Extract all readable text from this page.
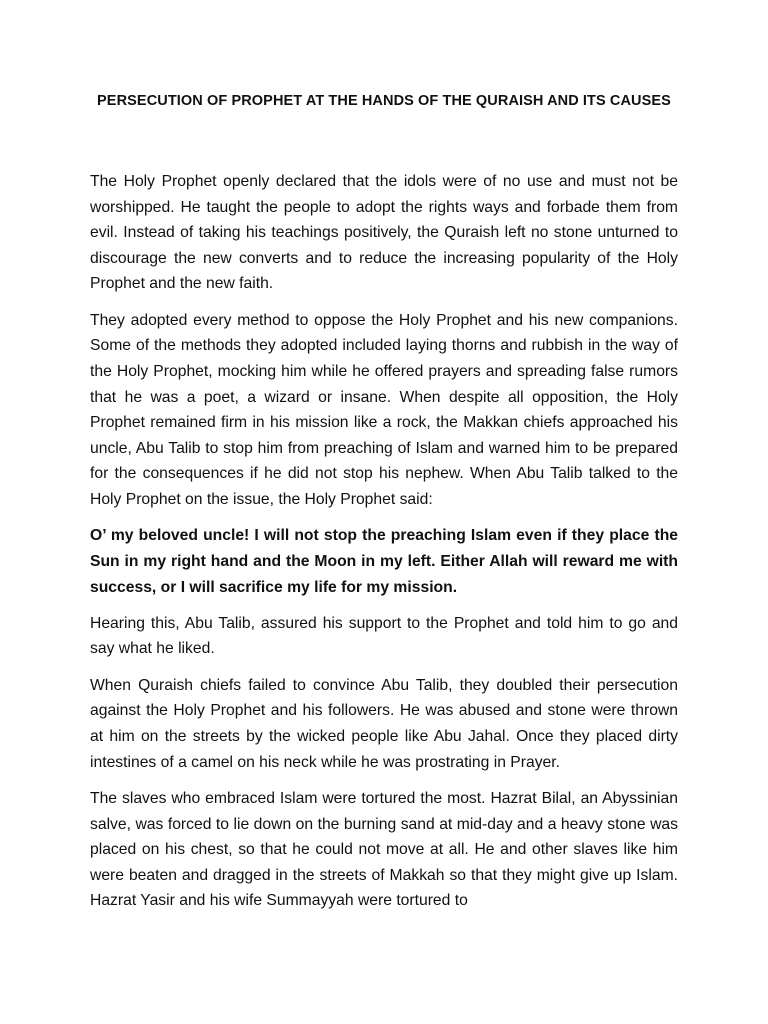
PERSECUTION OF PROPHET AT THE HANDS OF THE QURAISH AND ITS CAUSES

The Holy Prophet openly declared that the idols were of no use and must not be worshipped. He taught the people to adopt the rights ways and forbade them from evil. Instead of taking his teachings positively, the Quraish left no stone unturned to discourage the new converts and to reduce the increasing popularity of the Holy Prophet and the new faith.

They adopted every method to oppose the Holy Prophet and his new companions. Some of the methods they adopted included laying thorns and rubbish in the way of the Holy Prophet, mocking him while he offered prayers and spreading false rumors that he was a poet, a wizard or insane. When despite all opposition, the Holy Prophet remained firm in his mission like a rock, the Makkan chiefs approached his uncle, Abu Talib to stop him from preaching of Islam and warned him to be prepared for the consequences if he did not stop his nephew. When Abu Talib talked to the Holy Prophet on the issue, the Holy Prophet said:

O’ my beloved uncle! I will not stop the preaching Islam even if they place the Sun in my right hand and the Moon in my left. Either Allah will reward me with success, or I will sacrifice my life for my mission.

Hearing this, Abu Talib, assured his support to the Prophet and told him to go and say what he liked.

When Quraish chiefs failed to convince Abu Talib, they doubled their persecution against the Holy Prophet and his followers. He was abused and stone were thrown at him on the streets by the wicked people like Abu Jahal. Once they placed dirty intestines of a camel on his neck while he was prostrating in Prayer.

The slaves who embraced Islam were tortured the most. Hazrat Bilal, an Abyssinian salve, was forced to lie down on the burning sand at mid-day and a heavy stone was placed on his chest, so that he could not move at all. He and other slaves like him were beaten and dragged in the streets of Makkah so that they might give up Islam. Hazrat Yasir and his wife Summayyah were tortured to
